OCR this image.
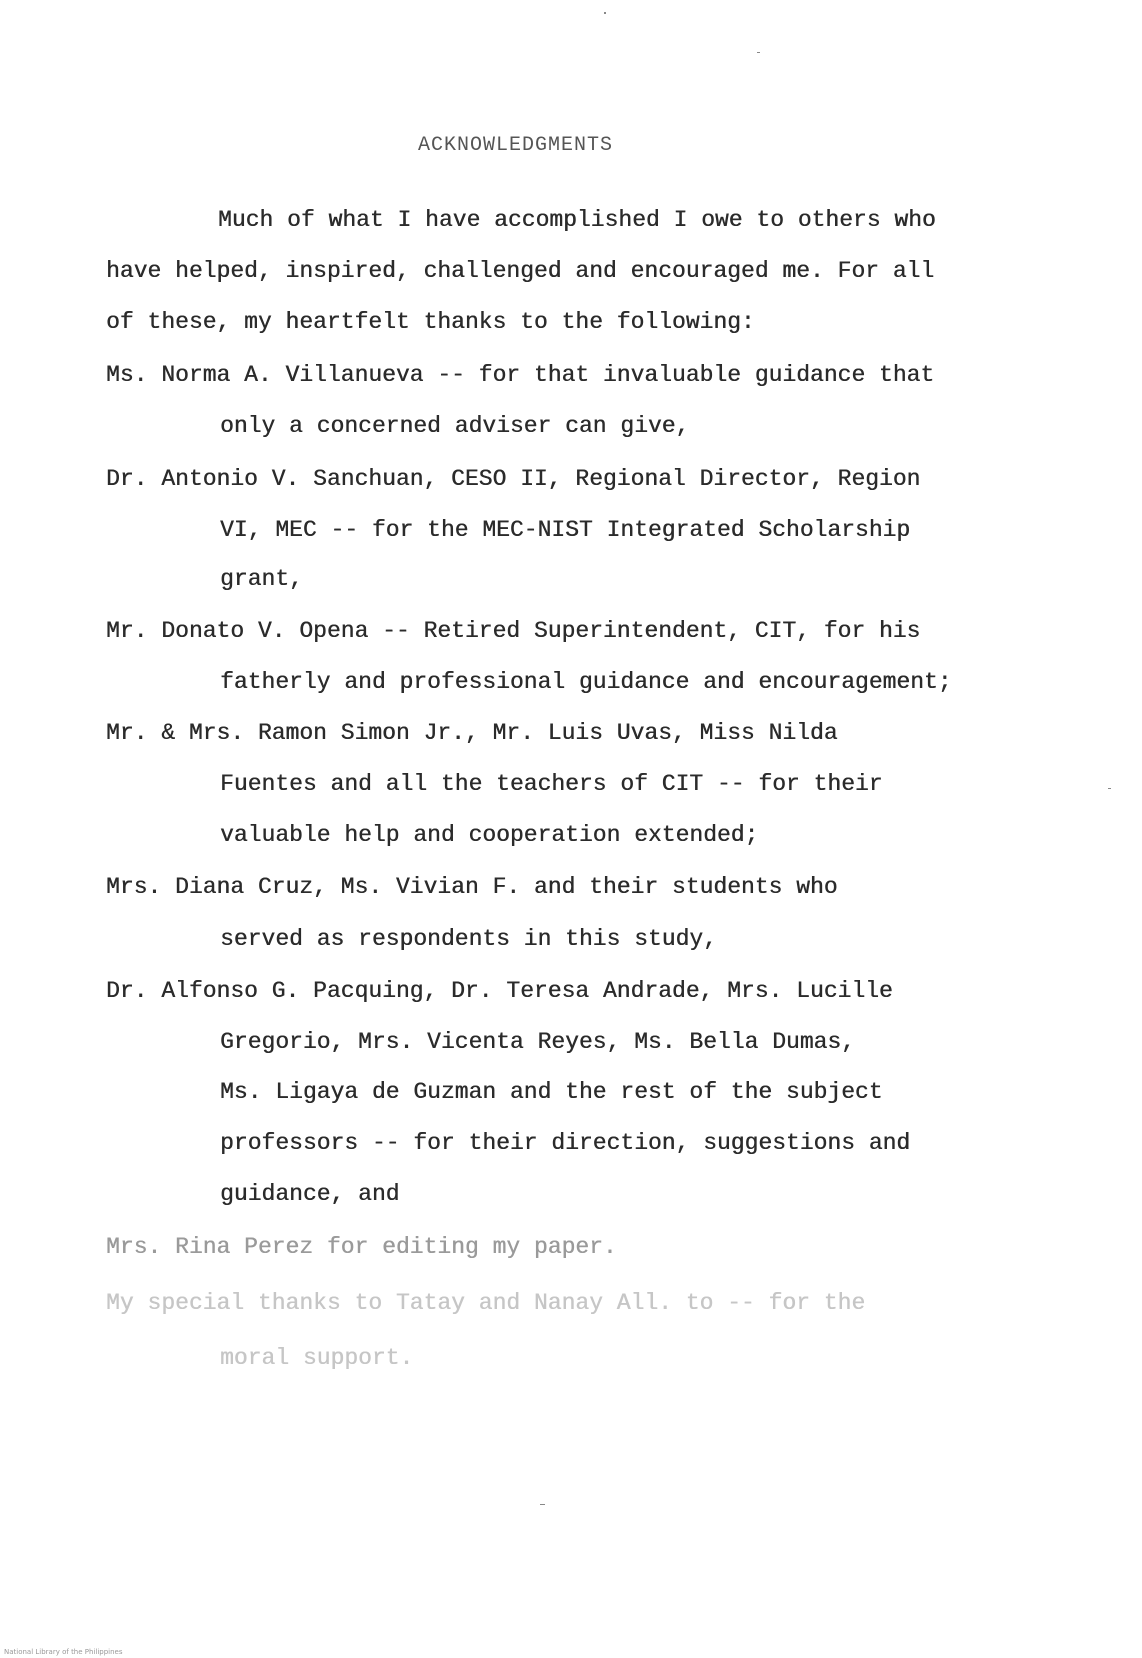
ACKNOWLEDGMENTS
Much of what I have accomplished I owe to others who
have helped, inspired, challenged and encouraged me. For all
of these, my heartfelt thanks to the following:
Ms. Norma A. Villanueva -- for that invaluable guidance that
only a concerned adviser can give,
Dr. Antonio V. Sanchuan, CESO II, Regional Director, Region
VI, MEC -- for the MEC-NIST Integrated Scholarship
grant,
Mr. Donato V. Opena -- Retired Superintendent, CIT, for his
fatherly and professional guidance and encouragement;
Mr. & Mrs. Ramon Simon Jr., Mr. Luis Uvas, Miss Nilda
Fuentes and all the teachers of CIT -- for their
valuable help and cooperation extended;
Mrs. Diana Cruz, Ms. Vivian F. and their students who
served as respondents in this study,
Dr. Alfonso G. Pacquing, Dr. Teresa Andrade, Mrs. Lucille
Gregorio, Mrs. Vicenta Reyes, Ms. Bella Dumas,
Ms. Ligaya de Guzman and the rest of the subject
professors -- for their direction, suggestions and
guidance, and
Mrs. Rina Perez for editing my paper.
My special thanks to Tatay and Nanay All. to -- for the
moral support.
National Library of the Philippines
